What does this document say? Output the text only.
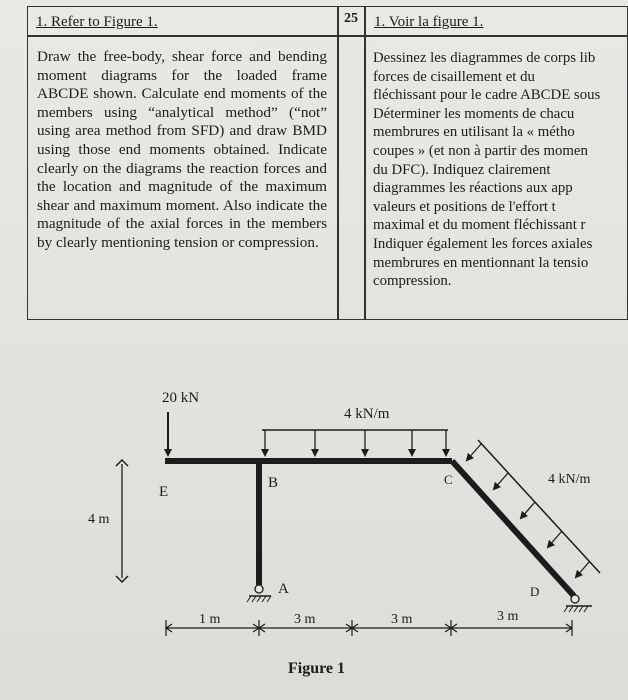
1. Refer to Figure 1.	25	1. Voir la figure 1.
Draw the free-body, shear force and bending moment diagrams for the loaded frame ABCDE shown. Calculate end moments of the members using “analytical method” (“not” using area method from SFD) and draw BMD using those end moments obtained. Indicate clearly on the diagrams the reaction forces and the location and magnitude of the maximum shear and maximum moment. Also indicate the magnitude of the axial forces in the members by clearly mentioning tension or compression.
Dessinez les diagrammes de corps lib
forces de cisaillement et du
fléchissant pour le cadre ABCDE sous
Déterminer les moments de chacu
membrures en utilisant la « métho
coupes » (et non à partir des momen
du DFC). Indiquez clairement
diagrammes les réactions aux app
valeurs et positions de l'effort t
maximal et du moment fléchissant r
Indiquer également les forces axiales
membrures en mentionnant la tensio
compression.
20 kN
4 kN/m
4 kN/m
4 m
E
B	C
A	D
1 m	3 m	3 m	3 m
Figure 1
